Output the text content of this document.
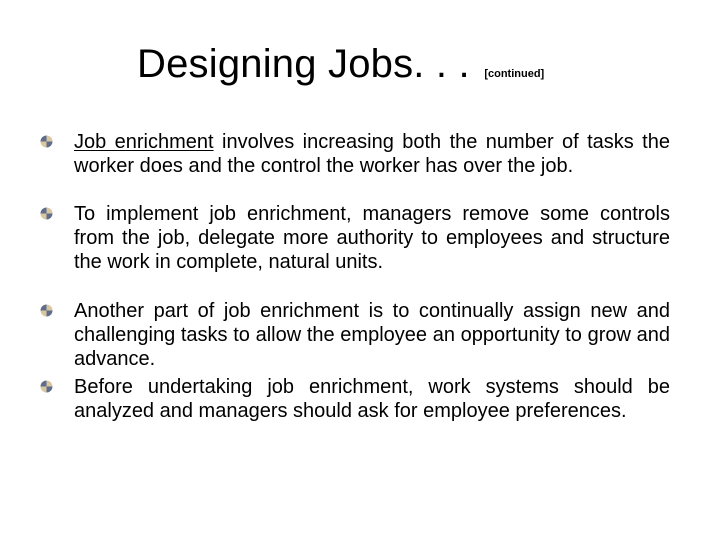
Designing Jobs. . . [continued]
Job enrichment involves increasing both the number of tasks the worker does and the control the worker has over the job.
To implement job enrichment, managers remove some controls from the job, delegate more authority to employees and structure the work in complete, natural units.
Another part of job enrichment is to continually assign new and challenging tasks to allow the employee an opportunity to grow and advance.
Before undertaking job enrichment, work systems should be analyzed and managers should ask for employee preferences.
